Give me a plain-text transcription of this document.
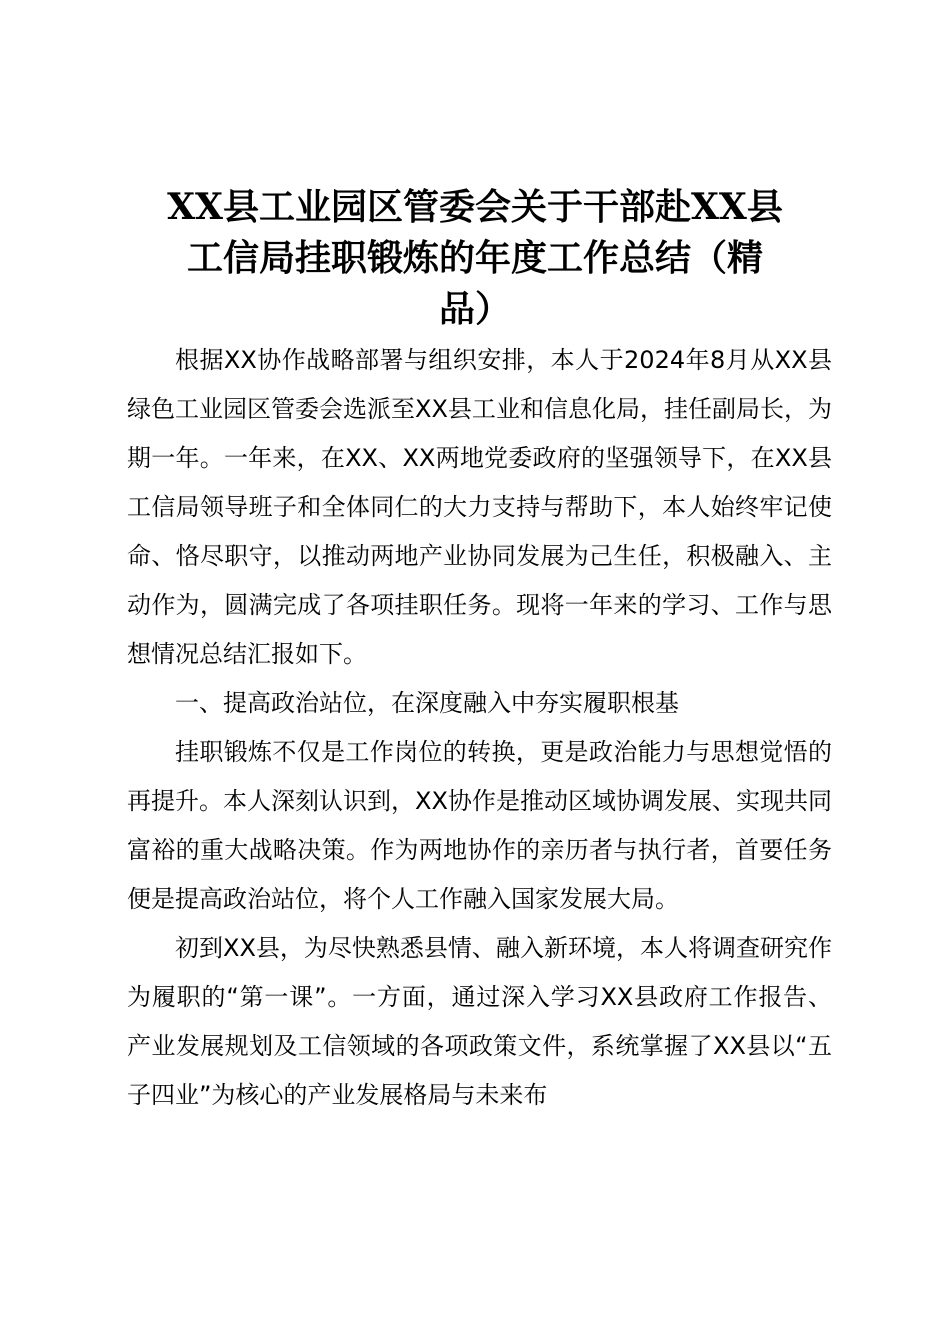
XX县工业园区管委会关于干部赴XX县
工信局挂职锻炼的年度工作总结（精
品）

根据XX协作战略部署与组织安排，本人于2024年8月从XX县绿色工业园区管委会选派至XX县工业和信息化局，挂任副局长，为期一年。一年来，在XX、XX两地党委政府的坚强领导下，在XX县工信局领导班子和全体同仁的大力支持与帮助下，本人始终牢记使命、恪尽职守，以推动两地产业协同发展为己生任，积极融入、主动作为，圆满完成了各项挂职任务。现将一年来的学习、工作与思想情况总结汇报如下。

一、提高政治站位，在深度融入中夯实履职根基

挂职锻炼不仅是工作岗位的转换，更是政治能力与思想觉悟的再提升。本人深刻认识到，XX协作是推动区域协调发展、实现共同富裕的重大战略决策。作为两地协作的亲历者与执行者，首要任务便是提高政治站位，将个人工作融入国家发展大局。

初到XX县，为尽快熟悉县情、融入新环境，本人将调查研究作为履职的“第一课”。一方面，通过深入学习XX县政府工作报告、产业发展规划及工信领域的各项政策文件，系统掌握了XX县以“五子四业”为核心的产业发展格局与未来布
